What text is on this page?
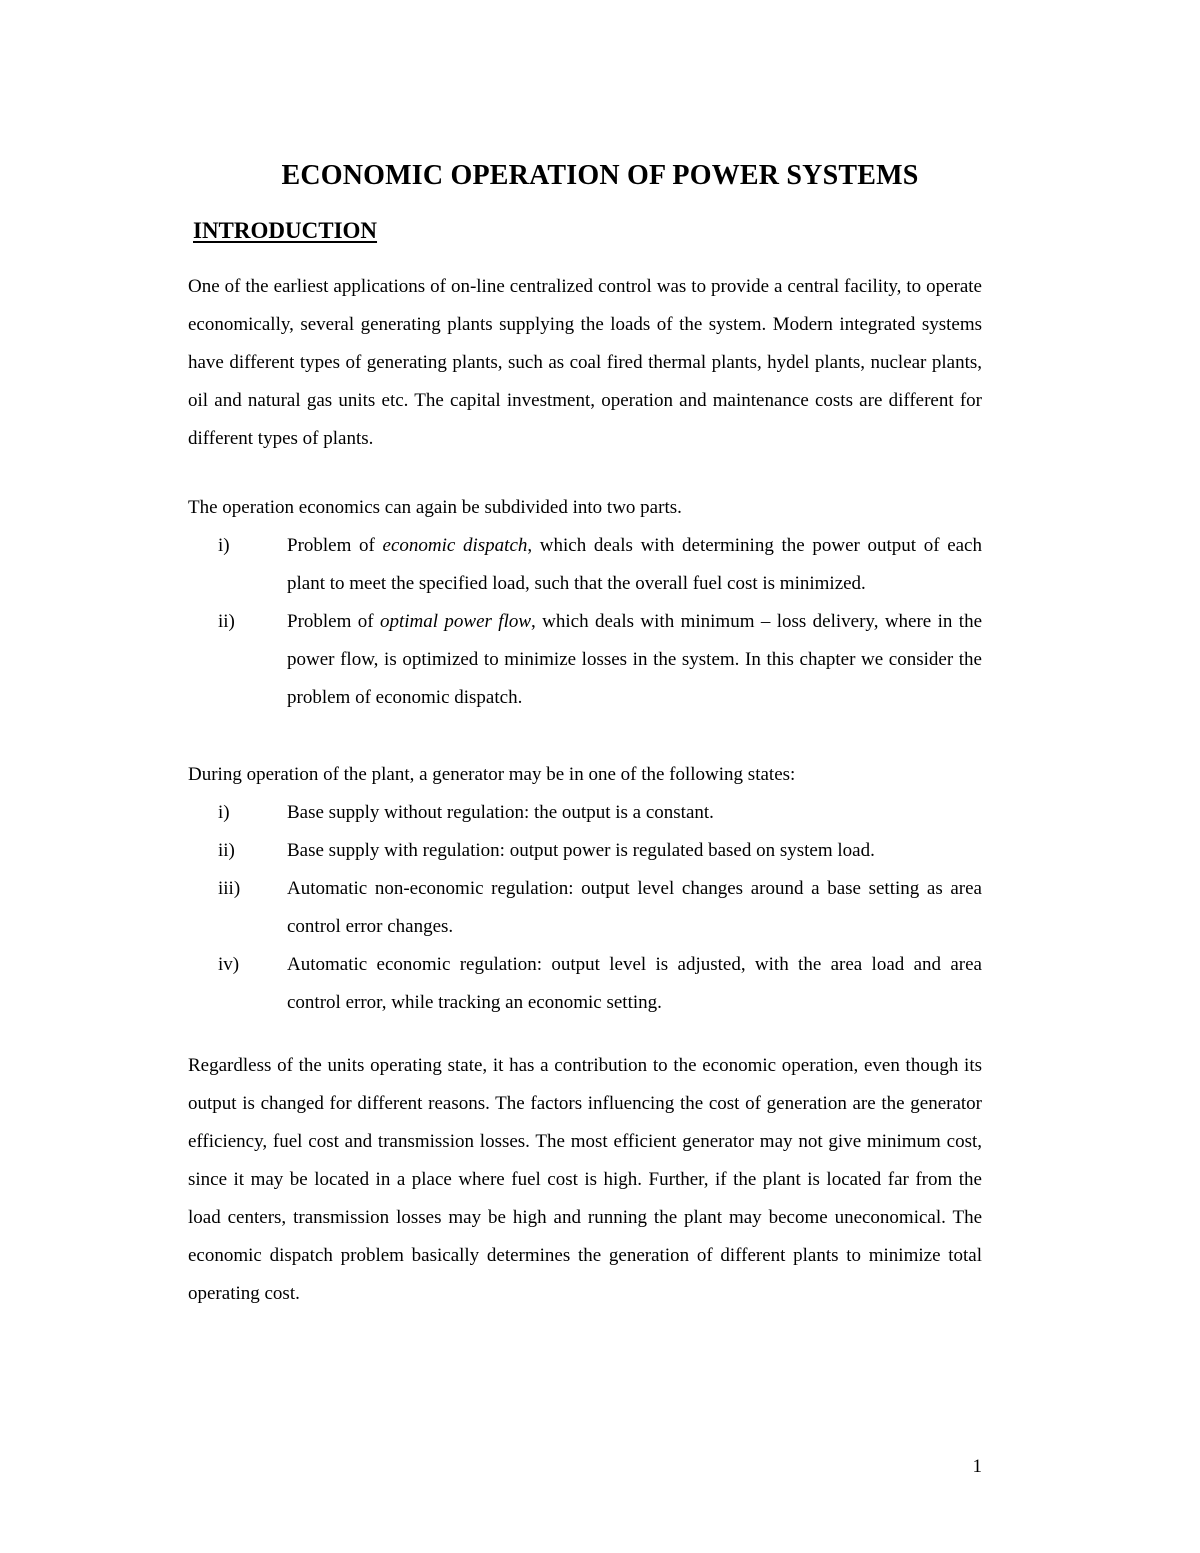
ECONOMIC OPERATION OF POWER SYSTEMS
INTRODUCTION

One of the earliest applications of on-line centralized control was to provide a central facility, to operate economically, several generating plants supplying the loads of the system. Modern integrated systems have different types of generating plants, such as coal fired thermal plants, hydel plants, nuclear plants, oil and natural gas units etc. The capital investment, operation and maintenance costs are different for different types of plants.

The operation economics can again be subdivided into two parts.

i)	Problem of economic dispatch, which deals with determining the power output of each plant to meet the specified load, such that the overall fuel cost is minimized.
ii)	Problem of optimal power flow, which deals with minimum – loss delivery, where in the power flow, is optimized to minimize losses in the system. In this chapter we consider the problem of economic dispatch.

During operation of the plant, a generator may be in one of the following states:

i)	Base supply without regulation: the output is a constant.
ii)	Base supply with regulation: output power is regulated based on system load.
iii)	Automatic non-economic regulation: output level changes around a base setting as area control error changes.
iv)	Automatic economic regulation: output level is adjusted, with the area load and area control error, while tracking an economic setting.

Regardless of the units operating state, it has a contribution to the economic operation, even though its output is changed for different reasons. The factors influencing the cost of generation are the generator efficiency, fuel cost and transmission losses. The most efficient generator may not give minimum cost, since it may be located in a place where fuel cost is high. Further, if the plant is located far from the load centers, transmission losses may be high and running the plant may become uneconomical. The economic dispatch problem basically determines the generation of different plants to minimize total operating cost.

1
